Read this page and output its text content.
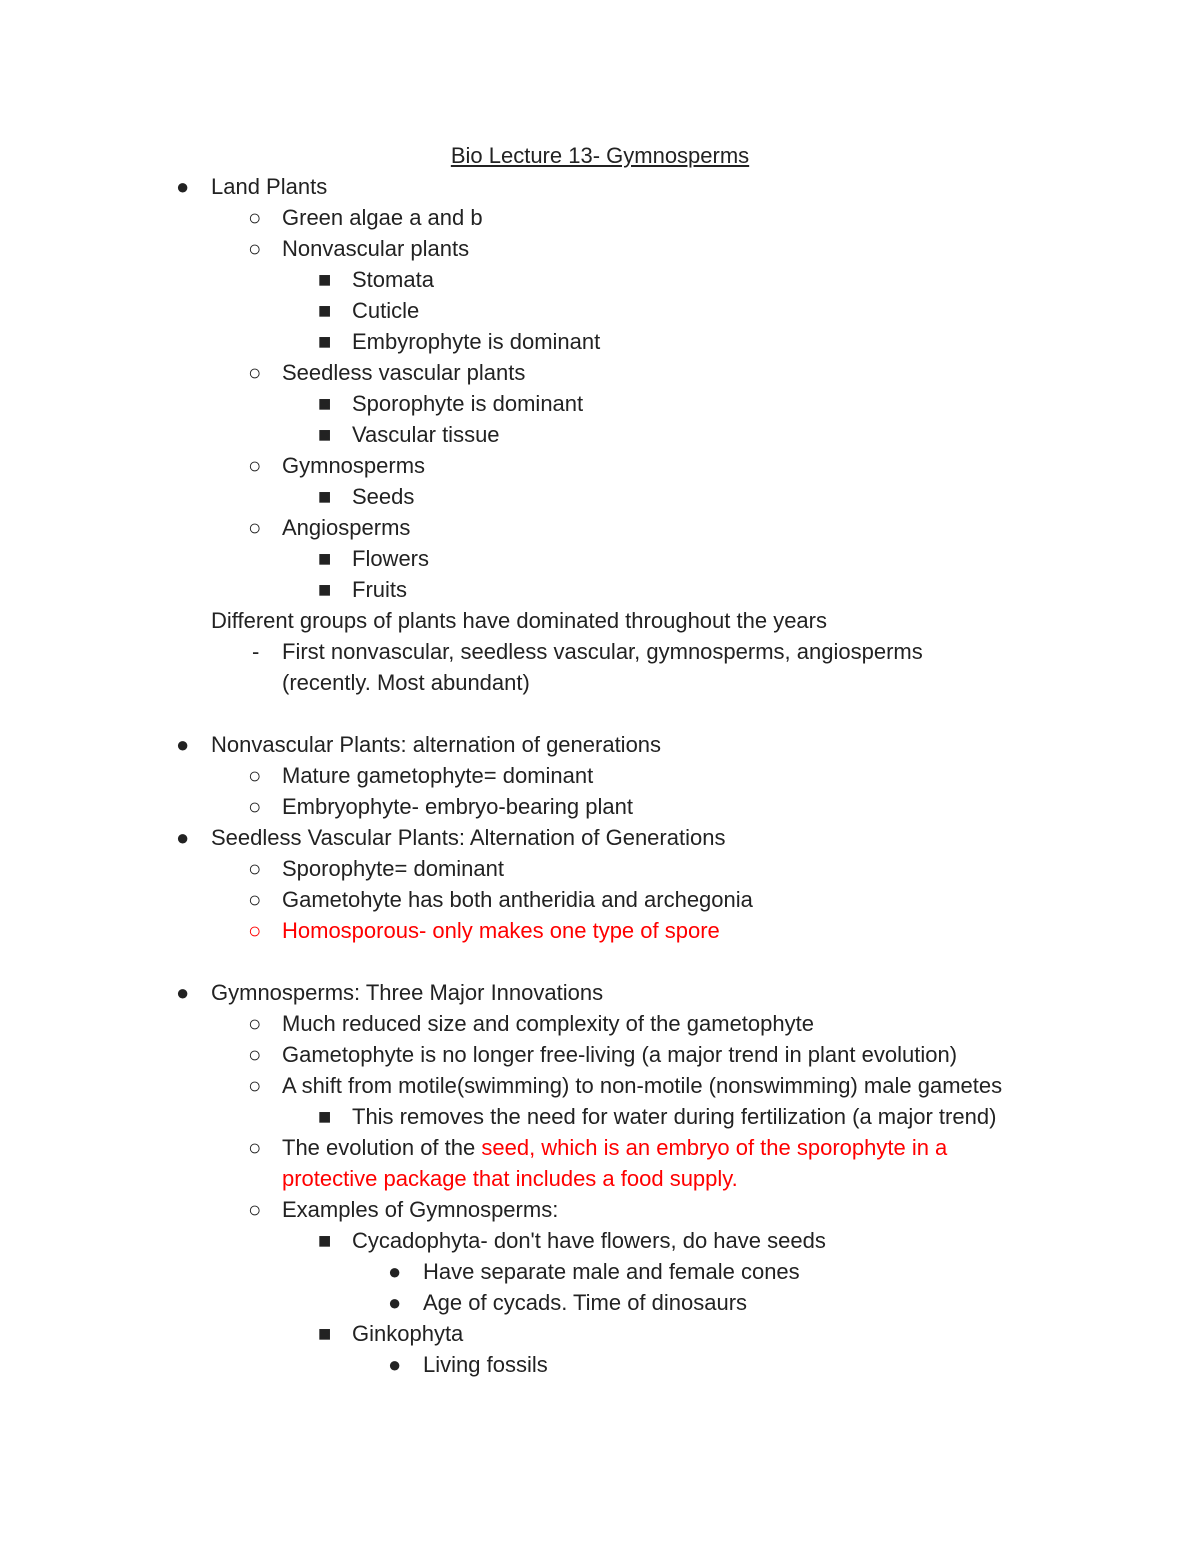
Bio Lecture 13- Gymnosperms
● Land Plants
○ Green algae a and b
○ Nonvascular plants
■ Stomata
■ Cuticle
■ Embyrophyte is dominant
○ Seedless vascular plants
■ Sporophyte is dominant
■ Vascular tissue
○ Gymnosperms
■ Seeds
○ Angiosperms
■ Flowers
■ Fruits
Different groups of plants have dominated throughout the years
- First nonvascular, seedless vascular, gymnosperms, angiosperms
(recently. Most abundant)
● Nonvascular Plants: alternation of generations
○ Mature gametophyte= dominant
○ Embryophyte- embryo-bearing plant
● Seedless Vascular Plants: Alternation of Generations
○ Sporophyte= dominant
○ Gametohyte has both antheridia and archegonia
○ Homosporous- only makes one type of spore
● Gymnosperms: Three Major Innovations
○ Much reduced size and complexity of the gametophyte
○ Gametophyte is no longer free-living (a major trend in plant evolution)
○ A shift from motile(swimming) to non-motile (nonswimming) male gametes
■ This removes the need for water during fertilization (a major trend)
○ The evolution of the seed, which is an embryo of the sporophyte in a
protective package that includes a food supply.
○ Examples of Gymnosperms:
■ Cycadophyta- don't have flowers, do have seeds
● Have separate male and female cones
● Age of cycads. Time of dinosaurs
■ Ginkophyta
● Living fossils
